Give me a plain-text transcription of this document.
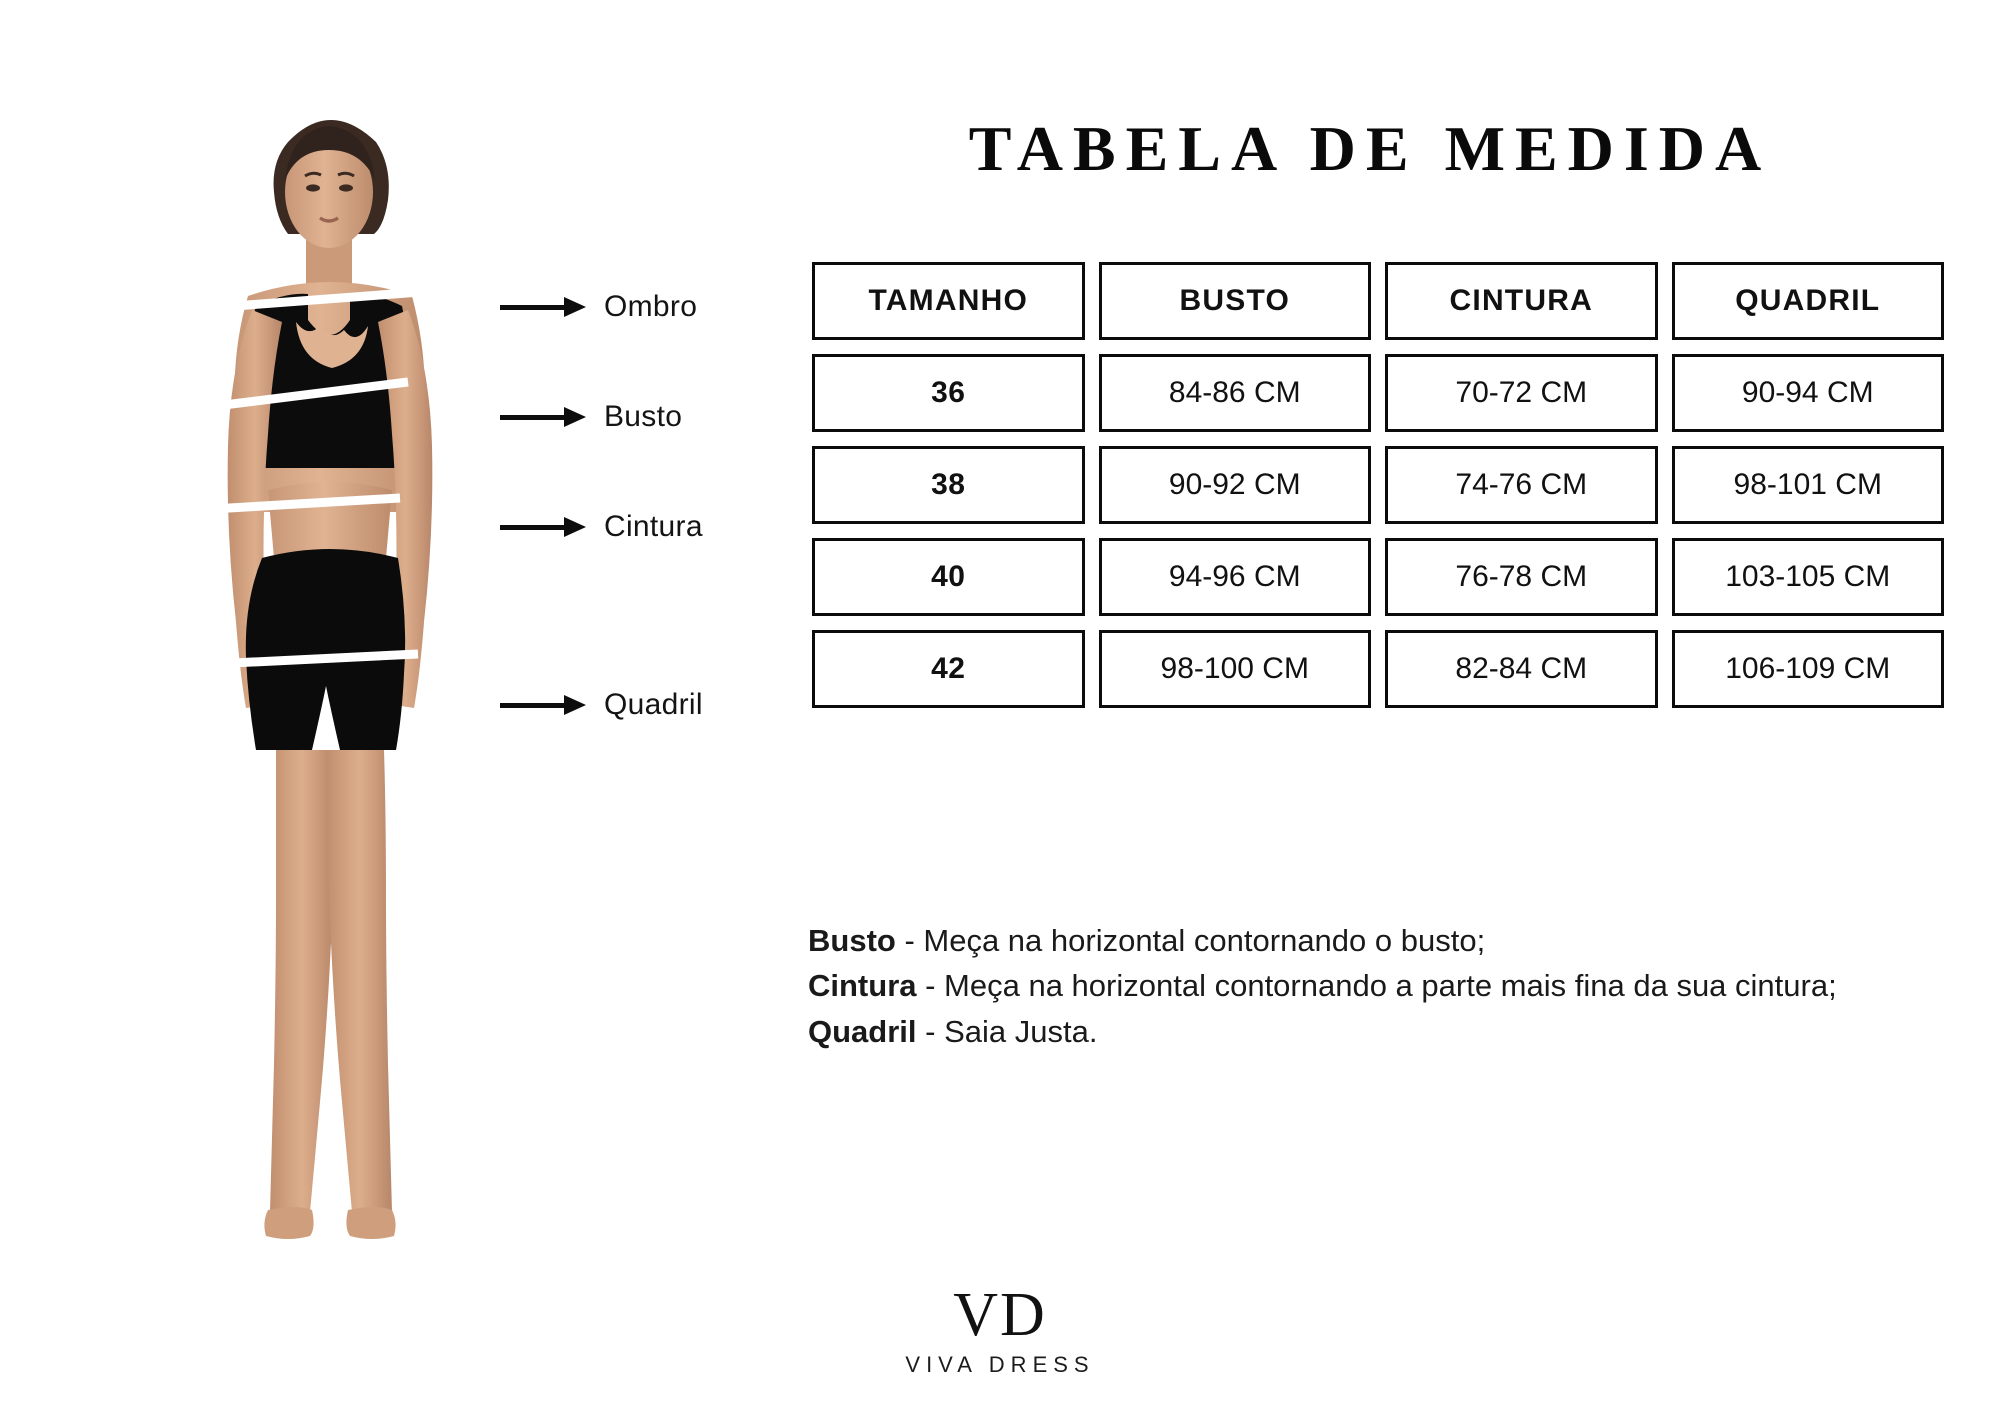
Ombro
Busto
Cintura
Quadril
TABELA DE MEDIDA
TAMANHO	BUSTO	CINTURA	QUADRIL
36	84-86 CM	70-72 CM	90-94 CM
38	90-92 CM	74-76 CM	98-101 CM
40	94-96 CM	76-78 CM	103-105 CM
42	98-100 CM	82-84 CM	106-109 CM
Busto - Meça na horizontal contornando o busto;
Cintura - Meça na horizontal contornando a parte mais fina da sua cintura;
Quadril - Saia Justa.
VD
VIVA DRESS
